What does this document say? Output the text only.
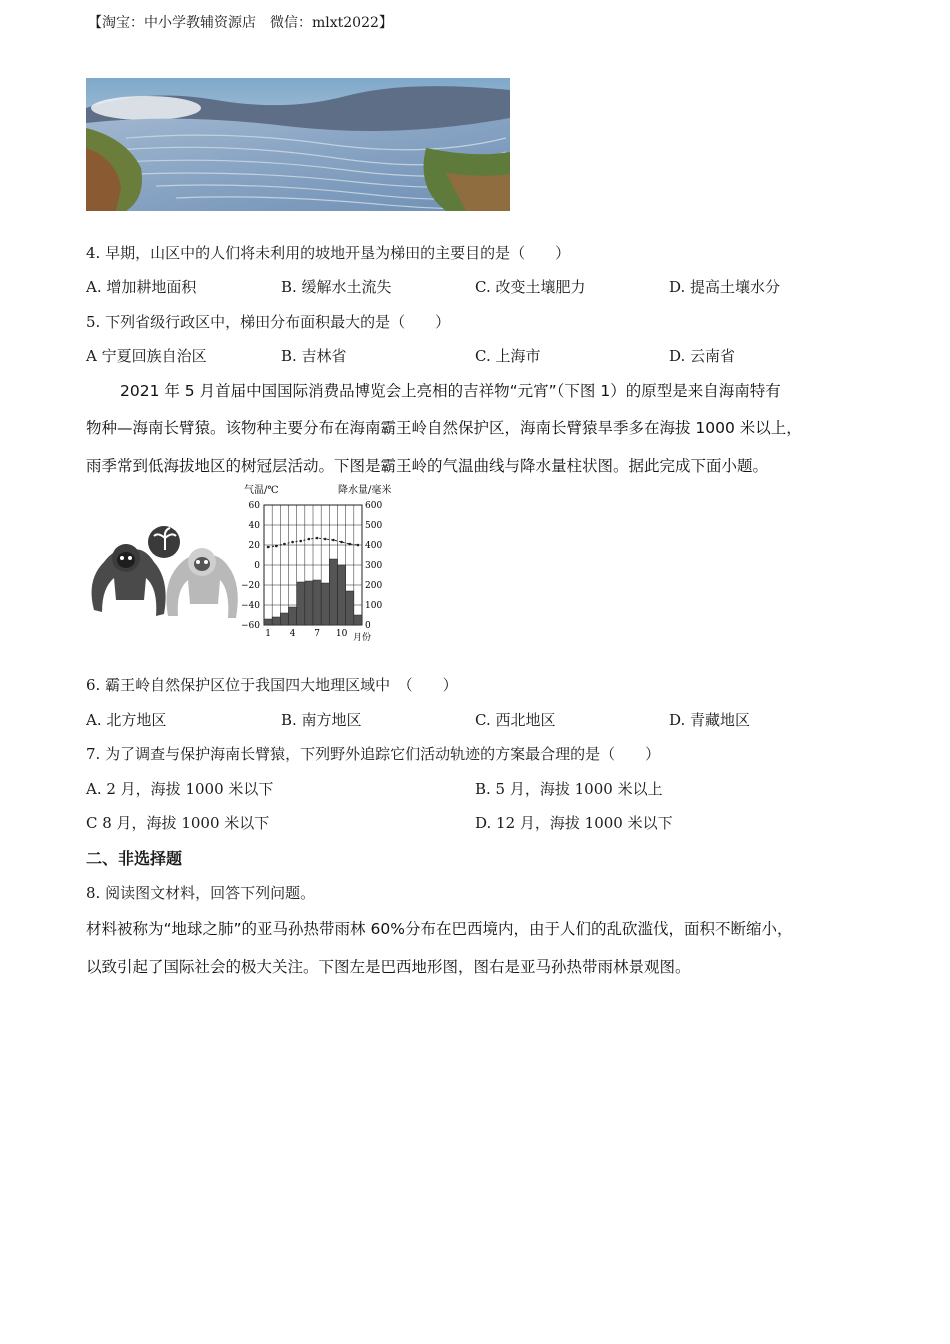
【淘宝：中小学教辅资源店　微信：mlxt2022】
4. 早期，山区中的人们将未利用的坡地开垦为梯田的主要目的是（　　）
A. 增加耕地面积	B. 缓解水土流失	C. 改变土壤肥力	D. 提高土壤水分
5. 下列省级行政区中，梯田分布面积最大的是（　　）
A 宁夏回族自治区	B. 吉林省	C. 上海市	D. 云南省
2021 年 5 月首届中国国际消费品博览会上亮相的吉祥物“元宵”（下图 1）的原型是来自海南特有
物种—海南长臂猿。该物种主要分布在海南霸王岭自然保护区，海南长臂猿旱季多在海拔 1000 米以上，
雨季常到低海拔地区的树冠层活动。下图是霸王岭的气温曲线与降水量柱状图。据此完成下面小题。
气温/℃	降水量/毫米
月份
60
40
20
0
−20
−40
−60
600
500
400
300
200
100
0
1 4 7 10
6. 霸王岭自然保护区位于我国四大地理区域中　（　　）
A. 北方地区	B. 南方地区	C. 西北地区	D. 青藏地区
7. 为了调查与保护海南长臂猿，下列野外追踪它们活动轨迹的方案最合理的是（　　）
A. 2 月，海拔 1000 米以下	B. 5 月，海拔 1000 米以上
C 8 月，海拔 1000 米以下	D. 12 月，海拔 1000 米以下
二、非选择题
8. 阅读图文材料，回答下列问题。
材料被称为“地球之肺”的亚马孙热带雨林 60%分布在巴西境内，由于人们的乱砍滥伐，面积不断缩小，
以致引起了国际社会的极大关注。下图左是巴西地形图，图右是亚马孙热带雨林景观图。
